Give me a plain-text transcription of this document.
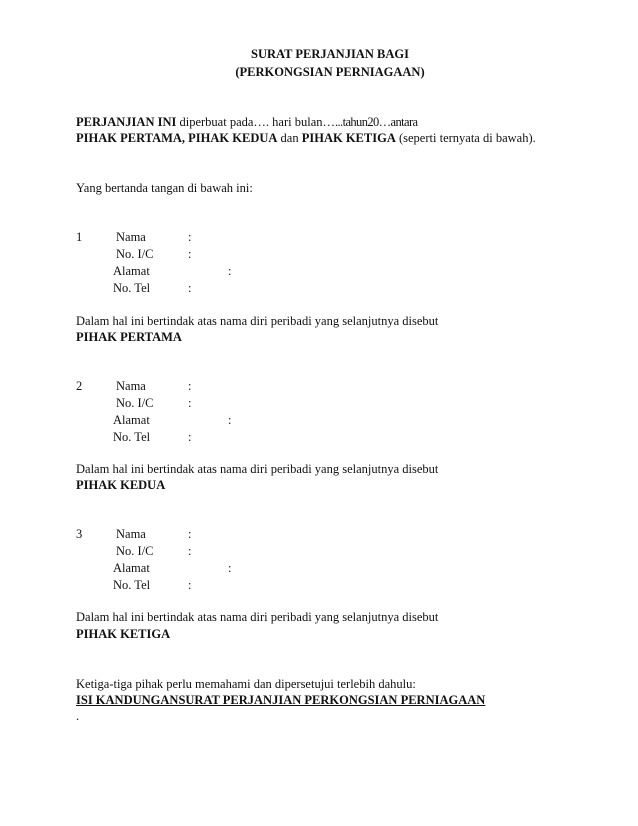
SURAT PERJANJIAN BAGI
(PERKONGSIAN PERNIAGAAN)
PERJANJIAN INI diperbuat pada…. hari bulan…...tahun20…antara
PIHAK PERTAMA, PIHAK KEDUA dan PIHAK KETIGA (seperti ternyata di bawah).
Yang bertanda tangan di bawah ini:
1	Nama	:
No. I/C	:
Alamat	:
No. Tel	:
Dalam hal ini bertindak atas nama diri peribadi yang selanjutnya disebut
PIHAK PERTAMA
2	Nama	:
No. I/C	:
Alamat	:
No. Tel	:
Dalam hal ini bertindak atas nama diri peribadi yang selanjutnya disebut
PIHAK KEDUA
3	Nama	:
No. I/C	:
Alamat	:
No. Tel	:
Dalam hal ini bertindak atas nama diri peribadi yang selanjutnya disebut
PIHAK KETIGA
Ketiga-tiga pihak perlu memahami dan dipersetujui terlebih dahulu:
ISI KANDUNGANSURAT PERJANJIAN PERKONGSIAN PERNIAGAAN
.
